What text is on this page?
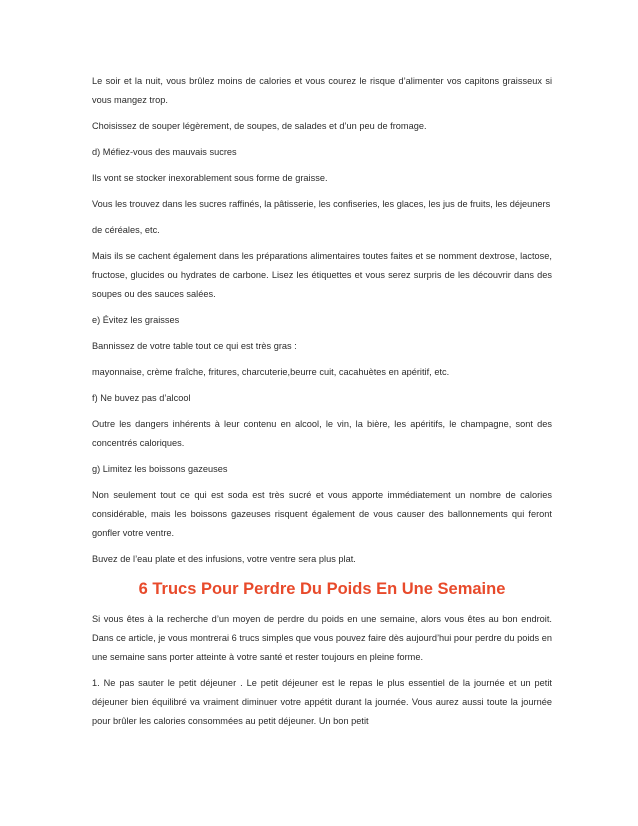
Le soir et la nuit, vous brûlez moins de calories et vous courez le risque d’alimenter vos capitons graisseux si vous mangez trop.

Choisissez de souper légèrement, de soupes, de salades et d’un peu de fromage.

d) Méfiez-vous des mauvais sucres

Ils vont se stocker inexorablement sous forme de graisse.

Vous les trouvez dans les sucres raffinés, la pâtisserie, les confiseries, les glaces, les jus de fruits, les déjeuners

de céréales, etc.

Mais ils se cachent également dans les préparations alimentaires toutes faites et se nomment dextrose, lactose, fructose, glucides ou hydrates de carbone. Lisez les étiquettes et vous serez surpris de les découvrir dans des soupes ou des sauces salées.

e) Évitez les graisses

Bannissez de votre table tout ce qui est très gras :

mayonnaise, crème fraîche, fritures, charcuterie,beurre cuit, cacahuètes en apéritif, etc.

f) Ne buvez pas d’alcool

Outre les dangers inhérents à leur contenu en alcool, le vin, la bière, les apéritifs, le champagne, sont des concentrés caloriques.

g) Limitez les boissons gazeuses

Non seulement tout ce qui est soda est très sucré et vous apporte immédiatement un nombre de calories considérable, mais les boissons gazeuses risquent également de vous causer des ballonnements qui feront gonfler votre ventre.

Buvez de l’eau plate et des infusions, votre ventre sera plus plat.

6 Trucs Pour Perdre Du Poids En Une Semaine

Si vous êtes à la recherche d’un moyen de perdre du poids en une semaine, alors vous êtes au bon endroit. Dans ce article, je vous montrerai 6 trucs simples que vous pouvez faire dès aujourd’hui pour perdre du poids en une semaine sans porter atteinte à votre santé et rester toujours en pleine forme.

1. Ne pas sauter le petit déjeuner . Le petit déjeuner est le repas le plus essentiel de la journée et un petit déjeuner bien équilibré va vraiment diminuer votre appétit durant la journée. Vous aurez aussi toute la journée pour brûler les calories consommées au petit déjeuner. Un bon petit
